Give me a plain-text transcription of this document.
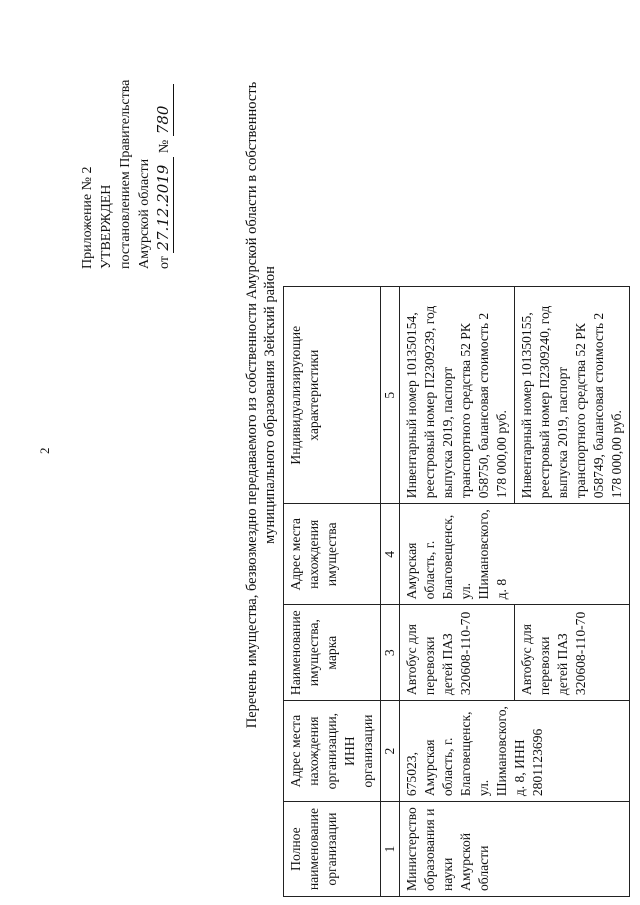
2
Приложение № 2 УТВЕРЖДЕН постановлением Правительства Амурской области от 27.12.2019 № 780	Перечень имущества, безвозмездно передаваемого из собственности Амурской области в собственность муниципального образования Зейский район
Полное наименование организации	Адрес места нахождения организации, ИНН организации	Наименование имущества, марка	Адрес места нахождения имущества	Индивидуализирующие характеристики
1	2	3	4	5
Министерство образования и науки Амурской области	675023, Амурская область, г. Благовещенск, ул. Шимановского, д. 8, ИНН 2801123696	Автобус для перевозки детей ПАЗ 320608-110-70	Амурская область, г. Благовещенск, ул. Шимановского, д. 8	Инвентарный номер 101350154, реестровый номер П2309239, год выпуска 2019, паспорт транспортного средства 52 РК 058750, балансовая стоимость 2 178 000,00 руб.
		Автобус для перевозки детей ПАЗ 320608-110-70		Инвентарный номер 101350155, реестровый номер П2309240, год выпуска 2019, паспорт транспортного средства 52 РК 058749, балансовая стоимость 2 178 000,00 руб.
